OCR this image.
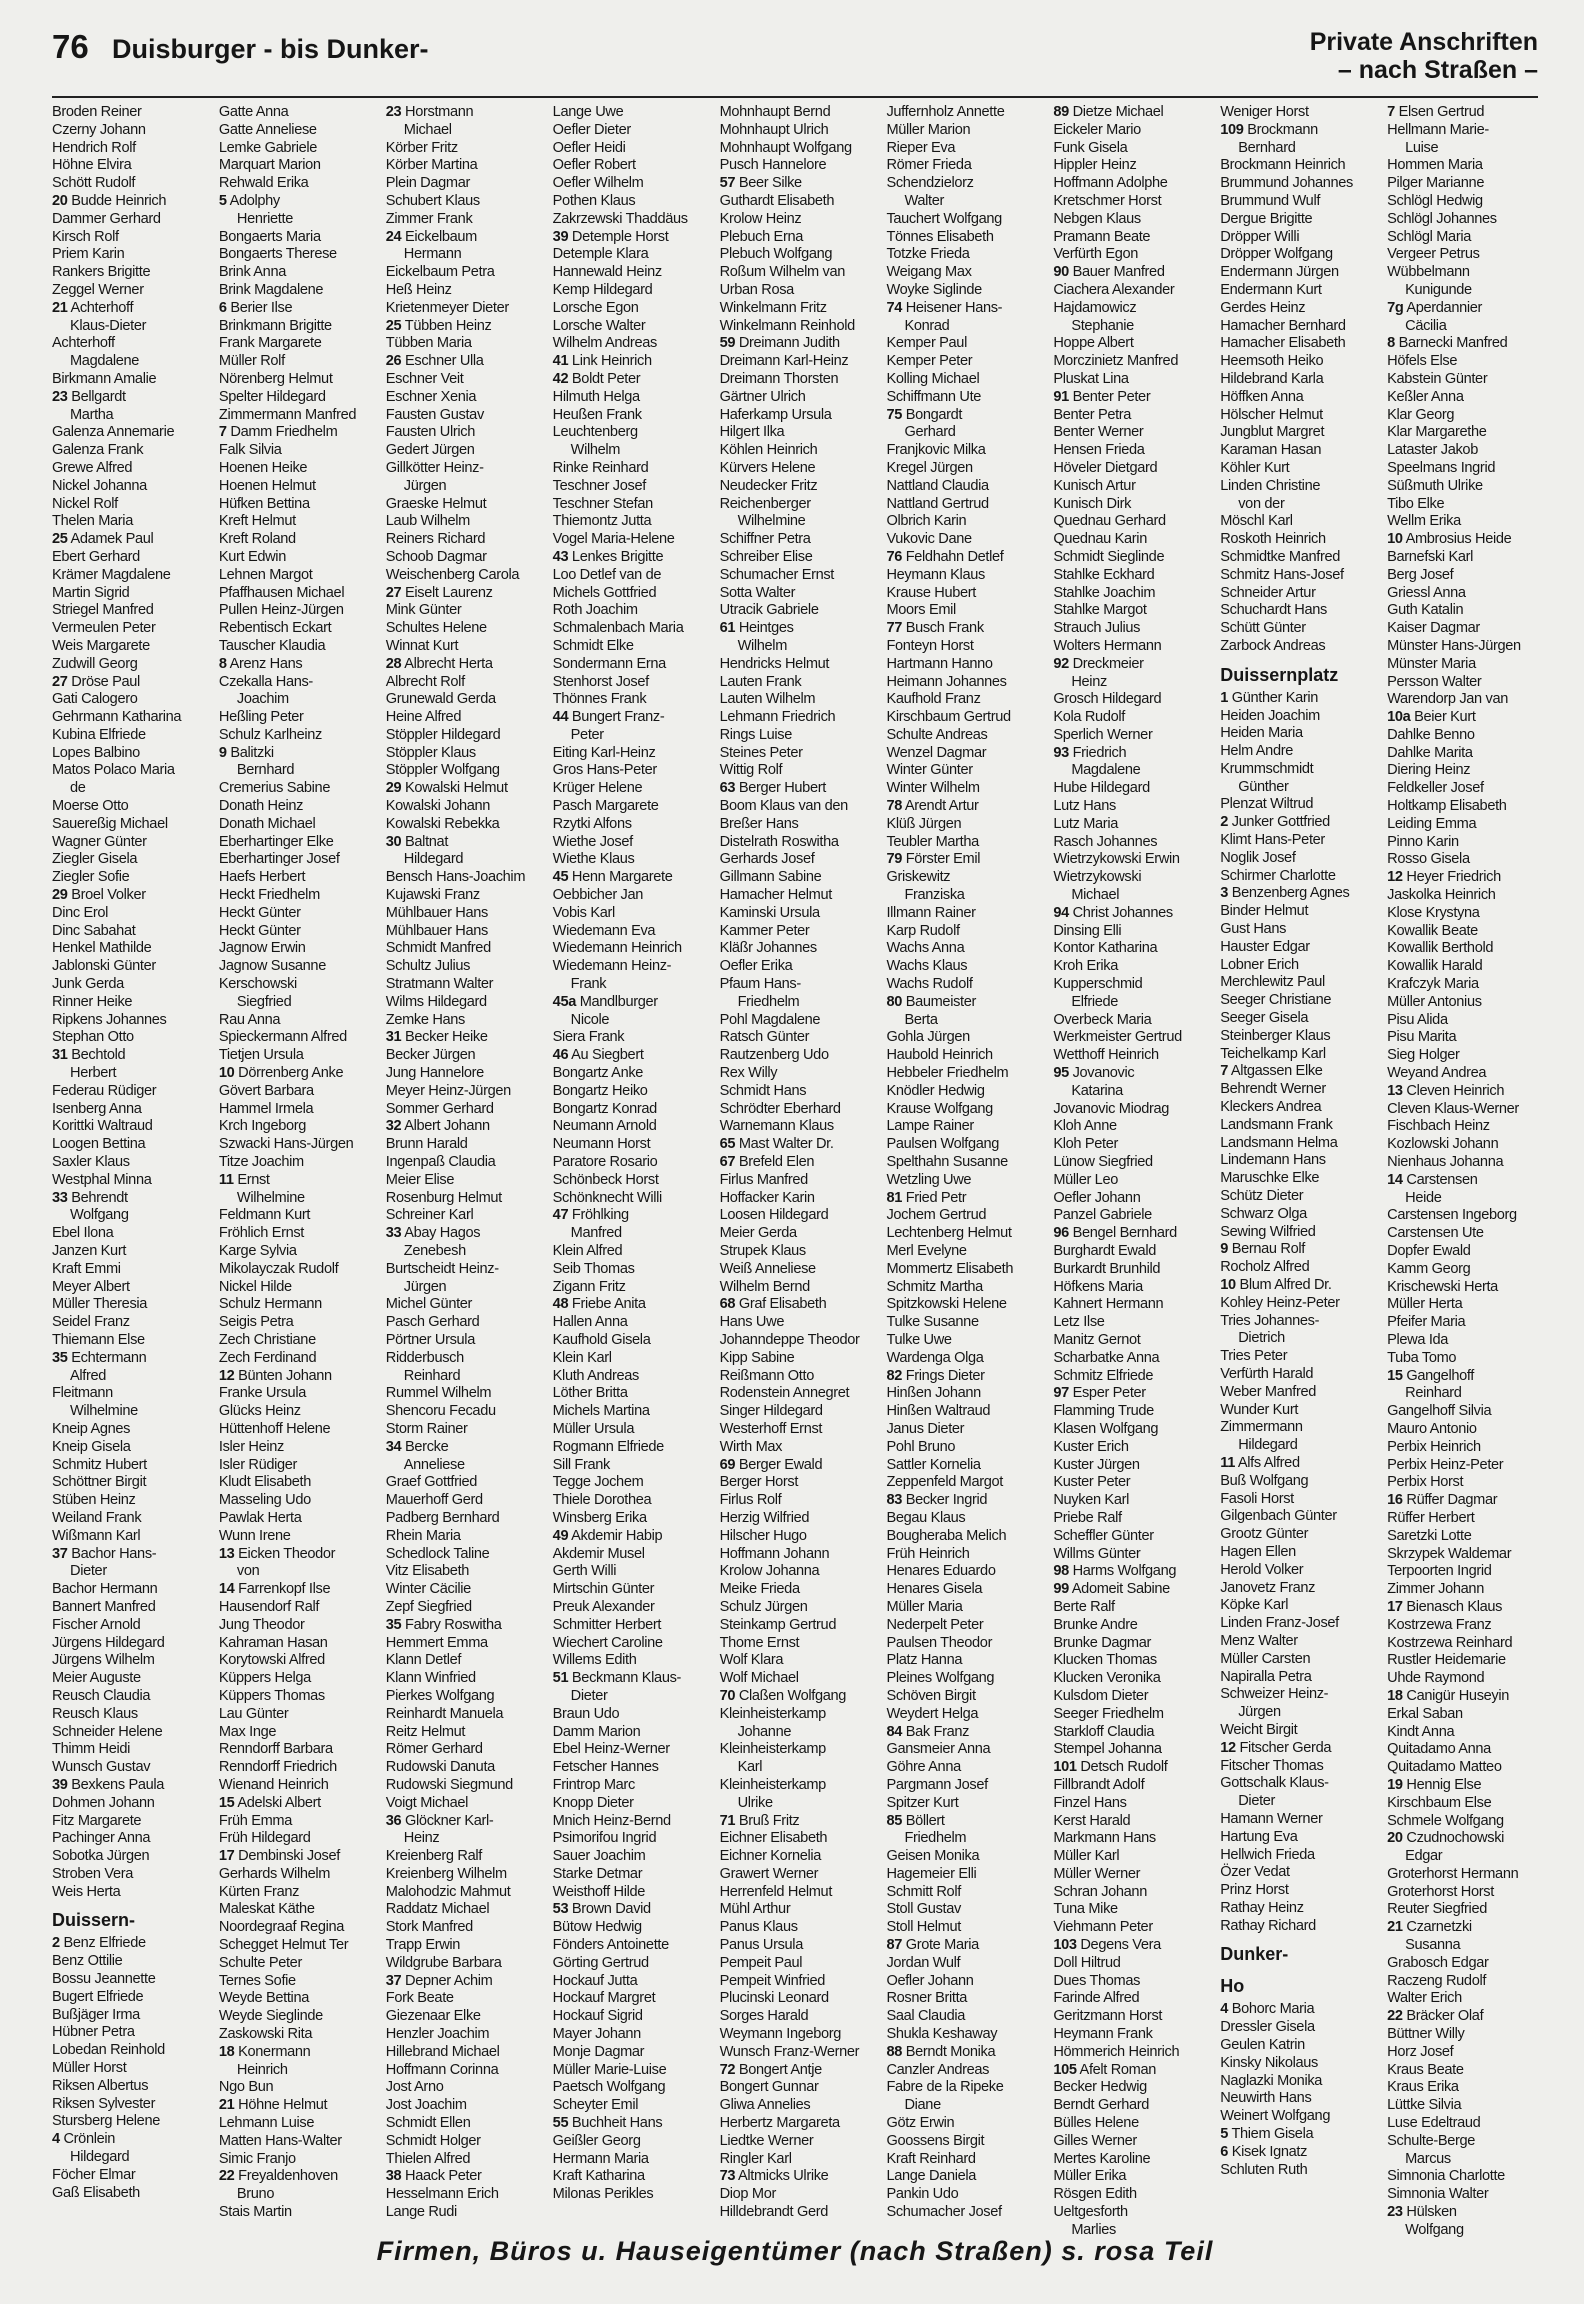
76 Duisburger - bis Dunker-	Private Anschriften
– nach Straßen –
Broden Reiner
Czerny Johann
Hendrich Rolf
Höhne Elvira
Schött Rudolf
20 Budde Heinrich
Dammer Gerhard
Kirsch Rolf
Priem Karin
Rankers Brigitte
Zeggel Werner
21 Achterhoff
Klaus-Dieter
Achterhoff
Magdalene
Birkmann Amalie
23 Bellgardt
Martha
Galenza Annemarie
Galenza Frank
Grewe Alfred
Nickel Johanna
Nickel Rolf
Thelen Maria
25 Adamek Paul
Ebert Gerhard
Krämer Magdalene
Martin Sigrid
Striegel Manfred
Vermeulen Peter
Weis Margarete
Zudwill Georg
27 Dröse Paul
Gati Calogero
Gehrmann Katharina
Kubina Elfriede
Lopes Balbino
Matos Polaco Maria
de
Moerse Otto
Sauereßig Michael
Wagner Günter
Ziegler Gisela
Ziegler Sofie
29 Broel Volker
Dinc Erol
Dinc Sabahat
Henkel Mathilde
Jablonski Günter
Junk Gerda
Rinner Heike
Ripkens Johannes
Stephan Otto
31 Bechtold
Herbert
Federau Rüdiger
Isenberg Anna
Korittki Waltraud
Loogen Bettina
Saxler Klaus
Westphal Minna
33 Behrendt
Wolfgang
Ebel Ilona
Janzen Kurt
Kraft Emmi
Meyer Albert
Müller Theresia
Seidel Franz
Thiemann Else
35 Echtermann
Alfred
Fleitmann
Wilhelmine
Kneip Agnes
Kneip Gisela
Schmitz Hubert
Schöttner Birgit
Stüben Heinz
Weiland Frank
Wißmann Karl
37 Bachor Hans-
Dieter
Bachor Hermann
Bannert Manfred
Fischer Arnold
Jürgens Hildegard
Jürgens Wilhelm
Meier Auguste
Reusch Claudia
Reusch Klaus
Schneider Helene
Thimm Heidi
Wunsch Gustav
39 Bexkens Paula
Dohmen Johann
Fitz Margarete
Pachinger Anna
Sobotka Jürgen
Stroben Vera
Weis Herta
Duissern-
2 Benz Elfriede
Benz Ottilie
Bossu Jeannette
Bugert Elfriede
Bußjäger Irma
Hübner Petra
Lobedan Reinhold
Müller Horst
Riksen Albertus
Riksen Sylvester
Stursberg Helene
4 Crönlein
Hildegard
Föcher Elmar
Gaß Elisabeth
Gatte Anna
Gatte Anneliese
Lemke Gabriele
Marquart Marion
Rehwald Erika
5 Adolphy
Henriette
Bongaerts Maria
Bongaerts Therese
Brink Anna
Brink Magdalene
6 Berier Ilse
Brinkmann Brigitte
Frank Margarete
Müller Rolf
Nörenberg Helmut
Spelter Hildegard
Zimmermann Manfred
7 Damm Friedhelm
Falk Silvia
Hoenen Heike
Hoenen Helmut
Hüfken Bettina
Kreft Helmut
Kreft Roland
Kurt Edwin
Lehnen Margot
Pfaffhausen Michael
Pullen Heinz-Jürgen
Rebentisch Eckart
Tauscher Klaudia
8 Arenz Hans
Czekalla Hans-
Joachim
Heßling Peter
Schulz Karlheinz
9 Balitzki
Bernhard
Cremerius Sabine
Donath Heinz
Donath Michael
Eberhartinger Elke
Eberhartinger Josef
Haefs Herbert
Heckt Friedhelm
Heckt Günter
Heckt Günter
Jagnow Erwin
Jagnow Susanne
Kerschowski
Siegfried
Rau Anna
Spieckermann Alfred
Tietjen Ursula
10 Dörrenberg Anke
Gövert Barbara
Hammel Irmela
Krch Ingeborg
Szwacki Hans-Jürgen
Titze Joachim
11 Ernst
Wilhelmine
Feldmann Kurt
Fröhlich Ernst
Karge Sylvia
Mikolayczak Rudolf
Nickel Hilde
Schulz Hermann
Seigis Petra
Zech Christiane
Zech Ferdinand
12 Bünten Johann
Franke Ursula
Glücks Heinz
Hüttenhoff Helene
Isler Heinz
Isler Rüdiger
Kludt Elisabeth
Masseling Udo
Pawlak Herta
Wunn Irene
13 Eicken Theodor
von
14 Farrenkopf Ilse
Hausendorf Ralf
Jung Theodor
Kahraman Hasan
Korytowski Alfred
Küppers Helga
Küppers Thomas
Lau Günter
Max Inge
Renndorff Barbara
Renndorff Friedrich
Wienand Heinrich
15 Adelski Albert
Früh Emma
Früh Hildegard
17 Dembinski Josef
Gerhards Wilhelm
Kürten Franz
Maleskat Käthe
Noordegraaf Regina
Schegget Helmut Ter
Schulte Peter
Ternes Sofie
Weyde Bettina
Weyde Sieglinde
Zaskowski Rita
18 Konermann
Heinrich
Ngo Bun
21 Höhne Helmut
Lehmann Luise
Matten Hans-Walter
Simic Franjo
22 Freyaldenhoven
Bruno
Stais Martin
23 Horstmann
Michael
Körber Fritz
Körber Martina
Plein Dagmar
Schubert Klaus
Zimmer Frank
24 Eickelbaum
Hermann
Eickelbaum Petra
Heß Heinz
Krietenmeyer Dieter
25 Tübben Heinz
Tübben Maria
26 Eschner Ulla
Eschner Veit
Eschner Xenia
Fausten Gustav
Fausten Ulrich
Gedert Jürgen
Gillkötter Heinz-
Jürgen
Graeske Helmut
Laub Wilhelm
Reiners Richard
Schoob Dagmar
Weischenberg Carola
27 Eiselt Laurenz
Mink Günter
Schultes Helene
Winnat Kurt
28 Albrecht Herta
Albrecht Rolf
Grunewald Gerda
Heine Alfred
Stöppler Hildegard
Stöppler Klaus
Stöppler Wolfgang
29 Kowalski Helmut
Kowalski Johann
Kowalski Rebekka
30 Baltnat
Hildegard
Bensch Hans-Joachim
Kujawski Franz
Mühlbauer Hans
Mühlbauer Hans
Schmidt Manfred
Schultz Julius
Stratmann Walter
Wilms Hildegard
Zemke Hans
31 Becker Heike
Becker Jürgen
Jung Hannelore
Meyer Heinz-Jürgen
Sommer Gerhard
32 Albert Johann
Brunn Harald
Ingenpaß Claudia
Meier Elise
Rosenburg Helmut
Schreiner Karl
33 Abay Hagos
Zenebesh
Burtscheidt Heinz-
Jürgen
Michel Günter
Pasch Gerhard
Pörtner Ursula
Ridderbusch
Reinhard
Rummel Wilhelm
Shencoru Fecadu
Storm Rainer
34 Bercke
Anneliese
Graef Gottfried
Mauerhoff Gerd
Padberg Bernhard
Rhein Maria
Schedlock Taline
Vitz Elisabeth
Winter Cäcilie
Zepf Siegfried
35 Fabry Roswitha
Hemmert Emma
Klann Detlef
Klann Winfried
Pierkes Wolfgang
Reinhardt Manuela
Reitz Helmut
Römer Gerhard
Rudowski Danuta
Rudowski Siegmund
Voigt Michael
36 Glöckner Karl-
Heinz
Kreienberg Ralf
Kreienberg Wilhelm
Malohodzic Mahmut
Raddatz Michael
Stork Manfred
Trapp Erwin
Wildgrube Barbara
37 Depner Achim
Fork Beate
Giezenaar Elke
Henzler Joachim
Hillebrand Michael
Hoffmann Corinna
Jost Arno
Jost Joachim
Schmidt Ellen
Schmidt Holger
Thielen Alfred
38 Haack Peter
Hesselmann Erich
Lange Rudi
Lange Uwe
Oefler Dieter
Oefler Heidi
Oefler Robert
Oefler Wilhelm
Pothen Klaus
Zakrzewski Thaddäus
39 Detemple Horst
Detemple Klara
Hannewald Heinz
Kemp Hildegard
Lorsche Egon
Lorsche Walter
Wilhelm Andreas
41 Link Heinrich
42 Boldt Peter
Hilmuth Helga
Heußen Frank
Leuchtenberg
Wilhelm
Rinke Reinhard
Teschner Josef
Teschner Stefan
Thiemontz Jutta
Vogel Maria-Helene
43 Lenkes Brigitte
Loo Detlef van de
Michels Gottfried
Roth Joachim
Schmalenbach Maria
Schmidt Elke
Sondermann Erna
Stenhorst Josef
Thönnes Frank
44 Bungert Franz-
Peter
Eiting Karl-Heinz
Gros Hans-Peter
Krüger Helene
Pasch Margarete
Rzytki Alfons
Wiethe Josef
Wiethe Klaus
45 Henn Margarete
Oebbicher Jan
Vobis Karl
Wiedemann Eva
Wiedemann Heinrich
Wiedemann Heinz-
Frank
45a Mandlburger
Nicole
Siera Frank
46 Au Siegbert
Bongartz Anke
Bongartz Heiko
Bongartz Konrad
Neumann Arnold
Neumann Horst
Paratore Rosario
Schönbeck Horst
Schönknecht Willi
47 Fröhlking
Manfred
Klein Alfred
Seib Thomas
Zigann Fritz
48 Friebe Anita
Hallen Anna
Kaufhold Gisela
Klein Karl
Kluth Andreas
Löther Britta
Michels Martina
Müller Ursula
Rogmann Elfriede
Sill Frank
Tegge Jochem
Thiele Dorothea
Winsberg Erika
49 Akdemir Habip
Akdemir Musel
Gerth Willi
Mirtschin Günter
Preuk Alexander
Schmitter Herbert
Wiechert Caroline
Willems Edith
51 Beckmann Klaus-
Dieter
Braun Udo
Damm Marion
Ebel Heinz-Werner
Fetscher Hannes
Frintrop Marc
Knopp Dieter
Mnich Heinz-Bernd
Psimorifou Ingrid
Sauer Joachim
Starke Detmar
Weisthoff Hilde
53 Brown David
Bütow Hedwig
Fönders Antoinette
Görting Gertrud
Hockauf Jutta
Hockauf Margret
Hockauf Sigrid
Mayer Johann
Monje Dagmar
Müller Marie-Luise
Paetsch Wolfgang
Scheyter Emil
55 Buchheit Hans
Geißler Georg
Hermann Maria
Kraft Katharina
Milonas Perikles
Mohnhaupt Bernd
Mohnhaupt Ulrich
Mohnhaupt Wolfgang
Pusch Hannelore
57 Beer Silke
Guthardt Elisabeth
Krolow Heinz
Plebuch Erna
Plebuch Wolfgang
Roßum Wilhelm van
Urban Rosa
Winkelmann Fritz
Winkelmann Reinhold
59 Dreimann Judith
Dreimann Karl-Heinz
Dreimann Thorsten
Gärtner Ulrich
Haferkamp Ursula
Hilgert Ilka
Köhlen Heinrich
Kürvers Helene
Neudecker Fritz
Reichenberger
Wilhelmine
Schiffner Petra
Schreiber Elise
Schumacher Ernst
Sotta Walter
Utracik Gabriele
61 Heintges
Wilhelm
Hendricks Helmut
Lauten Frank
Lauten Wilhelm
Lehmann Friedrich
Rings Luise
Steines Peter
Wittig Rolf
63 Berger Hubert
Boom Klaus van den
Breßer Hans
Distelrath Roswitha
Gerhards Josef
Gillmann Sabine
Hamacher Helmut
Kaminski Ursula
Kammer Peter
Kläßr Johannes
Oefler Erika
Pfaum Hans-
Friedhelm
Pohl Magdalene
Ratsch Günter
Rautzenberg Udo
Rex Willy
Schmidt Hans
Schrödter Eberhard
Warnemann Klaus
65 Mast Walter Dr.
67 Brefeld Elen
Firlus Manfred
Hoffacker Karin
Loosen Hildegard
Meier Gerda
Strupek Klaus
Weiß Anneliese
Wilhelm Bernd
68 Graf Elisabeth
Hans Uwe
Johanndeppe Theodor
Kipp Sabine
Reißmann Otto
Rodenstein Annegret
Singer Hildegard
Westerhoff Ernst
Wirth Max
69 Berger Ewald
Berger Horst
Firlus Rolf
Herzig Wilfried
Hilscher Hugo
Hoffmann Johann
Krolow Johanna
Meike Frieda
Schulz Jürgen
Steinkamp Gertrud
Thome Ernst
Wolf Klara
Wolf Michael
70 Claßen Wolfgang
Kleinheisterkamp
Johanne
Kleinheisterkamp
Karl
Kleinheisterkamp
Ulrike
71 Bruß Fritz
Eichner Elisabeth
Eichner Kornelia
Grawert Werner
Herrenfeld Helmut
Mühl Arthur
Panus Klaus
Panus Ursula
Pempeit Paul
Pempeit Winfried
Plucinski Leonard
Sorges Harald
Weymann Ingeborg
Wunsch Franz-Werner
72 Bongert Antje
Bongert Gunnar
Gliwa Annelies
Herbertz Margareta
Liedtke Werner
Ringler Karl
73 Altmicks Ulrike
Diop Mor
Hilldebrandt Gerd
Juffernholz Annette
Müller Marion
Rieper Eva
Römer Frieda
Schendzielorz
Walter
Tauchert Wolfgang
Tönnes Elisabeth
Totzke Frieda
Weigang Max
Woyke Siglinde
74 Heisener Hans-
Konrad
Kemper Paul
Kemper Peter
Kolling Michael
Schiffmann Ute
75 Bongardt
Gerhard
Franjkovic Milka
Kregel Jürgen
Nattland Claudia
Nattland Gertrud
Olbrich Karin
Vukovic Dane
76 Feldhahn Detlef
Heymann Klaus
Krause Hubert
Moors Emil
77 Busch Frank
Fonteyn Horst
Hartmann Hanno
Heimann Johannes
Kaufhold Franz
Kirschbaum Gertrud
Schulte Andreas
Wenzel Dagmar
Winter Günter
Winter Wilhelm
78 Arendt Artur
Klüß Jürgen
Teubler Martha
79 Förster Emil
Griskewitz
Franziska
Illmann Rainer
Karp Rudolf
Wachs Anna
Wachs Klaus
Wachs Rudolf
80 Baumeister
Berta
Gohla Jürgen
Haubold Heinrich
Hebbeler Friedhelm
Knödler Hedwig
Krause Wolfgang
Lampe Rainer
Paulsen Wolfgang
Spelthahn Susanne
Wetzling Uwe
81 Fried Petr
Jochem Gertrud
Lechtenberg Helmut
Merl Evelyne
Mommertz Elisabeth
Schmitz Martha
Spitzkowski Helene
Tulke Susanne
Tulke Uwe
Wardenga Olga
82 Frings Dieter
Hinßen Johann
Hinßen Waltraud
Janus Dieter
Pohl Bruno
Sattler Kornelia
Zeppenfeld Margot
83 Becker Ingrid
Begau Klaus
Bougheraba Melich
Früh Heinrich
Henares Eduardo
Henares Gisela
Müller Maria
Nederpelt Peter
Paulsen Theodor
Platz Hanna
Pleines Wolfgang
Schöven Birgit
Weydert Helga
84 Bak Franz
Gansmeier Anna
Göhre Anna
Pargmann Josef
Spitzer Kurt
85 Böllert
Friedhelm
Geisen Monika
Hagemeier Elli
Schmitt Rolf
Stoll Gustav
Stoll Helmut
87 Grote Maria
Jordan Wulf
Oefler Johann
Rosner Britta
Saal Claudia
Shukla Keshaway
88 Berndt Monika
Canzler Andreas
Fabre de la Ripeke
Diane
Götz Erwin
Goossens Birgit
Kraft Reinhard
Lange Daniela
Pankin Udo
Schumacher Josef
89 Dietze Michael
Eickeler Mario
Funk Gisela
Hippler Heinz
Hoffmann Adolphe
Kretschmer Horst
Nebgen Klaus
Pramann Beate
Verfürth Egon
90 Bauer Manfred
Ciachera Alexander
Hajdamowicz
Stephanie
Hoppe Albert
Morczinietz Manfred
Pluskat Lina
91 Benter Peter
Benter Petra
Benter Werner
Hensen Frieda
Höveler Dietgard
Kunisch Artur
Kunisch Dirk
Quednau Gerhard
Quednau Karin
Schmidt Sieglinde
Stahlke Eckhard
Stahlke Joachim
Stahlke Margot
Strauch Julius
Wolters Hermann
92 Dreckmeier
Heinz
Grosch Hildegard
Kola Rudolf
Sperlich Werner
93 Friedrich
Magdalene
Hube Hildegard
Lutz Hans
Lutz Maria
Rasch Johannes
Wietrzykowski Erwin
Wietrzykowski
Michael
94 Christ Johannes
Dinsing Elli
Kontor Katharina
Kroh Erika
Kupperschmid
Elfriede
Overbeck Maria
Werkmeister Gertrud
Wetthoff Heinrich
95 Jovanovic
Katarina
Jovanovic Miodrag
Kloh Anne
Kloh Peter
Lünow Siegfried
Müller Leo
Oefler Johann
Panzel Gabriele
96 Bengel Bernhard
Burghardt Ewald
Burkardt Brunhild
Höfkens Maria
Kahnert Hermann
Letz Ilse
Manitz Gernot
Scharbatke Anna
Schmitz Elfriede
97 Esper Peter
Flamming Trude
Klasen Wolfgang
Kuster Erich
Kuster Jürgen
Kuster Peter
Nuyken Karl
Priebe Ralf
Scheffler Günter
Willms Günter
98 Harms Wolfgang
99 Adomeit Sabine
Berte Ralf
Brunke Andre
Brunke Dagmar
Klucken Thomas
Klucken Veronika
Kulsdom Dieter
Seeger Friedhelm
Starkloff Claudia
Stempel Johanna
101 Detsch Rudolf
Fillbrandt Adolf
Finzel Hans
Kerst Harald
Markmann Hans
Müller Karl
Müller Werner
Schran Johann
Tuna Mike
Viehmann Peter
103 Degens Vera
Doll Hiltrud
Dues Thomas
Farinde Alfred
Geritzmann Horst
Heymann Frank
Hömmerich Heinrich
105 Afelt Roman
Becker Hedwig
Berndt Gerhard
Bülles Helene
Gilles Werner
Mertes Karoline
Müller Erika
Rösgen Edith
Ueltgesforth
Marlies
Weniger Horst
109 Brockmann
Bernhard
Brockmann Heinrich
Brummund Johannes
Brummund Wulf
Dergue Brigitte
Dröpper Willi
Dröpper Wolfgang
Endermann Jürgen
Endermann Kurt
Gerdes Heinz
Hamacher Bernhard
Hamacher Elisabeth
Heemsoth Heiko
Hildebrand Karla
Höffken Anna
Hölscher Helmut
Jungblut Margret
Karaman Hasan
Köhler Kurt
Linden Christine
von der
Möschl Karl
Roskoth Heinrich
Schmidtke Manfred
Schmitz Hans-Josef
Schneider Artur
Schuchardt Hans
Schütt Günter
Zarbock Andreas
Duissernplatz
1 Günther Karin
Heiden Joachim
Heiden Maria
Helm Andre
Krummschmidt
Günther
Plenzat Wiltrud
2 Junker Gottfried
Klimt Hans-Peter
Noglik Josef
Schirmer Charlotte
3 Benzenberg Agnes
Binder Helmut
Gust Hans
Hauster Edgar
Lobner Erich
Merchlewitz Paul
Seeger Christiane
Seeger Gisela
Steinberger Klaus
Teichelkamp Karl
7 Altgassen Elke
Behrendt Werner
Kleckers Andrea
Landsmann Frank
Landsmann Helma
Lindemann Hans
Maruschke Elke
Schütz Dieter
Schwarz Olga
Sewing Wilfried
9 Bernau Rolf
Rocholz Alfred
10 Blum Alfred Dr.
Kohley Heinz-Peter
Tries Johannes-
Dietrich
Tries Peter
Verfürth Harald
Weber Manfred
Wunder Kurt
Zimmermann
Hildegard
11 Alfs Alfred
Buß Wolfgang
Fasoli Horst
Gilgenbach Günter
Grootz Günter
Hagen Ellen
Herold Volker
Janovetz Franz
Köpke Karl
Linden Franz-Josef
Menz Walter
Müller Carsten
Napiralla Petra
Schweizer Heinz-
Jürgen
Weicht Birgit
12 Fitscher Gerda
Fitscher Thomas
Gottschalk Klaus-
Dieter
Hamann Werner
Hartung Eva
Hellwich Frieda
Özer Vedat
Prinz Horst
Rathay Heinz
Rathay Richard
Dunker-
Ho
4 Bohorc Maria
Dressler Gisela
Geulen Katrin
Kinsky Nikolaus
Naglazki Monika
Neuwirth Hans
Weinert Wolfgang
5 Thiem Gisela
6 Kisek Ignatz
Schluten Ruth
7 Elsen Gertrud
Hellmann Marie-
Luise
Hommen Maria
Pilger Marianne
Schlögl Hedwig
Schlögl Johannes
Schlögl Maria
Vergeer Petrus
Wübbelmann
Kunigunde
7g Aperdannier
Cäcilia
8 Barnecki Manfred
Höfels Else
Kabstein Günter
Keßler Anna
Klar Georg
Klar Margarethe
Lataster Jakob
Speelmans Ingrid
Süßmuth Ulrike
Tibo Elke
Wellm Erika
10 Ambrosius Heide
Barnefski Karl
Berg Josef
Griessl Anna
Guth Katalin
Kaiser Dagmar
Münster Hans-Jürgen
Münster Maria
Persson Walter
Warendorp Jan van
10a Beier Kurt
Dahlke Benno
Dahlke Marita
Diering Heinz
Feldkeller Josef
Holtkamp Elisabeth
Leiding Emma
Pinno Karin
Rosso Gisela
12 Heyer Friedrich
Jaskolka Heinrich
Klose Krystyna
Kowallik Beate
Kowallik Berthold
Kowallik Harald
Krafczyk Maria
Müller Antonius
Pisu Alida
Pisu Marita
Sieg Holger
Weyand Andrea
13 Cleven Heinrich
Cleven Klaus-Werner
Fischbach Heinz
Kozlowski Johann
Nienhaus Johanna
14 Carstensen
Heide
Carstensen Ingeborg
Carstensen Ute
Dopfer Ewald
Kamm Georg
Krischewski Herta
Müller Herta
Pfeifer Maria
Plewa Ida
Tuba Tomo
15 Gangelhoff
Reinhard
Gangelhoff Silvia
Mauro Antonio
Perbix Heinrich
Perbix Heinz-Peter
Perbix Horst
16 Rüffer Dagmar
Rüffer Herbert
Saretzki Lotte
Skrzypek Waldemar
Terpoorten Ingrid
Zimmer Johann
17 Bienasch Klaus
Kostrzewa Franz
Kostrzewa Reinhard
Rustler Heidemarie
Uhde Raymond
18 Canigür Huseyin
Erkal Saban
Kindt Anna
Quitadamo Anna
Quitadamo Matteo
19 Hennig Else
Kirschbaum Else
Schmele Wolfgang
20 Czudnochowski
Edgar
Groterhorst Hermann
Groterhorst Horst
Reuter Siegfried
21 Czarnetzki
Susanna
Grabosch Edgar
Raczeng Rudolf
Walter Erich
22 Bräcker Olaf
Büttner Willy
Horz Josef
Kraus Beate
Kraus Erika
Lüttke Silvia
Luse Edeltraud
Schulte-Berge
Marcus
Simnonia Charlotte
Simnonia Walter
23 Hülsken
Wolfgang
Firmen, Büros u. Hauseigentümer (nach Straßen) s. rosa Teil
